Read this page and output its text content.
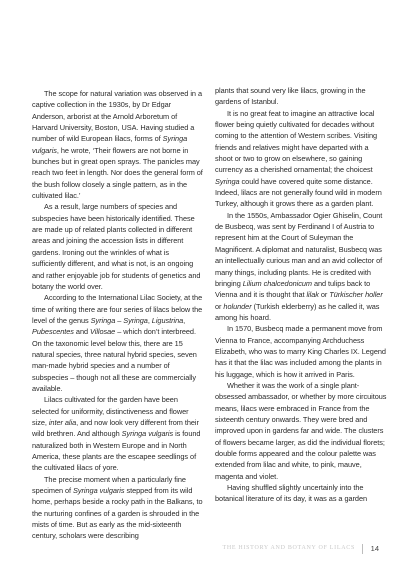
The scope for natural variation was observed in a captive collection in the 1930s, by Dr Edgar Anderson, arborist at the Arnold Arboretum of Harvard University, Boston, USA. Having studied a number of wild European lilacs, forms of Syringa vulgaris, he wrote, ‘Their flowers are not borne in bunches but in great open sprays. The panicles may reach two feet in length. Nor does the general form of the bush follow closely a single pattern, as in the cultivated lilac.’

As a result, large numbers of species and subspecies have been historically identified. These are made up of related plants collected in different areas and joining the accession lists in different gardens. Ironing out the wrinkles of what is sufficiently different, and what is not, is an ongoing and rather enjoyable job for students of genetics and botany the world over.

According to the International Lilac Society, at the time of writing there are four series of lilacs below the level of the genus Syringa – Syringa, Ligustrina, Pubescentes and Villosae – which don’t interbreed. On the taxonomic level below this, there are 15 natural species, three natural hybrid species, seven man-made hybrid species and a number of subspecies – though not all these are commercially available.

Lilacs cultivated for the garden have been selected for uniformity, distinctiveness and flower size, inter alia, and now look very different from their wild brethren. And although Syringa vulgaris is found naturalized both in Western Europe and in North America, these plants are the escapee seedlings of the cultivated lilacs of yore.

The precise moment when a particularly fine specimen of Syringa vulgaris stepped from its wild home, perhaps beside a rocky path in the Balkans, to the nurturing confines of a garden is shrouded in the mists of time. But as early as the mid-sixteenth century, scholars were describing

plants that sound very like lilacs, growing in the gardens of Istanbul.

It is no great feat to imagine an attractive local flower being quietly cultivated for decades without coming to the attention of Western scribes. Visiting friends and relatives might have departed with a shoot or two to grow on elsewhere, so gaining currency as a cherished ornamental; the choicest Syringa could have covered quite some distance. Indeed, lilacs are not generally found wild in modern Turkey, although it grows there as a garden plant.

In the 1550s, Ambassador Ogier Ghiselin, Count de Busbecq, was sent by Ferdinand I of Austria to represent him at the Court of Suleyman the Magnificent. A diplomat and naturalist, Busbecq was an intellectually curious man and an avid collector of many things, including plants. He is credited with bringing Lilium chalcedonicum and tulips back to Vienna and it is thought that lilak or Türkischer holler or holunder (Turkish elderberry) as he called it, was among his hoard.

In 1570, Busbecq made a permanent move from Vienna to France, accompanying Archduchess Elizabeth, who was to marry King Charles IX. Legend has it that the lilac was included among the plants in his luggage, which is how it arrived in Paris.

Whether it was the work of a single plant-obsessed ambassador, or whether by more circuitous means, lilacs were embraced in France from the sixteenth century onwards. They were bred and improved upon in gardens far and wide. The clusters of flowers became larger, as did the individual florets; double forms appeared and the colour palette was extended from lilac and white, to pink, mauve, magenta and violet.

Having shuffled slightly uncertainly into the botanical literature of its day, it was as a garden

THE HISTORY AND BOTANY OF LILACS 14
